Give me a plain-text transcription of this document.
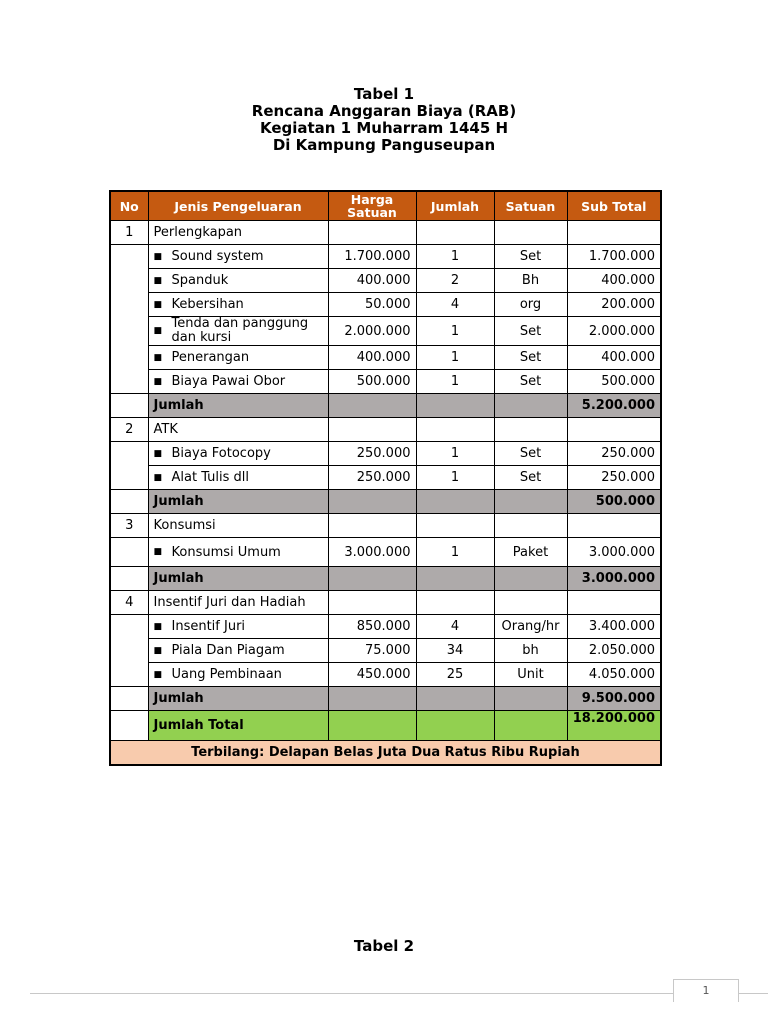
Tabel 1
Rencana Anggaran Biaya (RAB)
Kegiatan 1 Muharram 1445 H
Di Kampung Panguseupan
No	Jenis Pengeluaran	Harga Satuan	Jumlah	Satuan	Sub Total
1	Perlengkapan				
	■ Sound system	1.700.000	1	Set	1.700.000
	■ Spanduk	400.000	2	Bh	400.000
	■ Kebersihan	50.000	4	org	200.000
	■ Tenda dan panggung dan kursi	2.000.000	1	Set	2.000.000
	■ Penerangan	400.000	1	Set	400.000
	■ Biaya Pawai Obor	500.000	1	Set	500.000
	Jumlah				5.200.000
2	ATK				
	■ Biaya Fotocopy	250.000	1	Set	250.000
	■ Alat Tulis dll	250.000	1	Set	250.000
	Jumlah				500.000
3	Konsumsi				
	■ Konsumsi Umum	3.000.000	1	Paket	3.000.000
	Jumlah				3.000.000
4	Insentif Juri dan Hadiah				
	■ Insentif Juri	850.000	4	Orang/hr	3.400.000
	■ Piala Dan Piagam	75.000	34	bh	2.050.000
	■ Uang Pembinaan	450.000	25	Unit	4.050.000
	Jumlah				9.500.000
	Jumlah Total				18.200.000
Terbilang: Delapan Belas Juta Dua Ratus Ribu Rupiah					
Tabel 2
1
